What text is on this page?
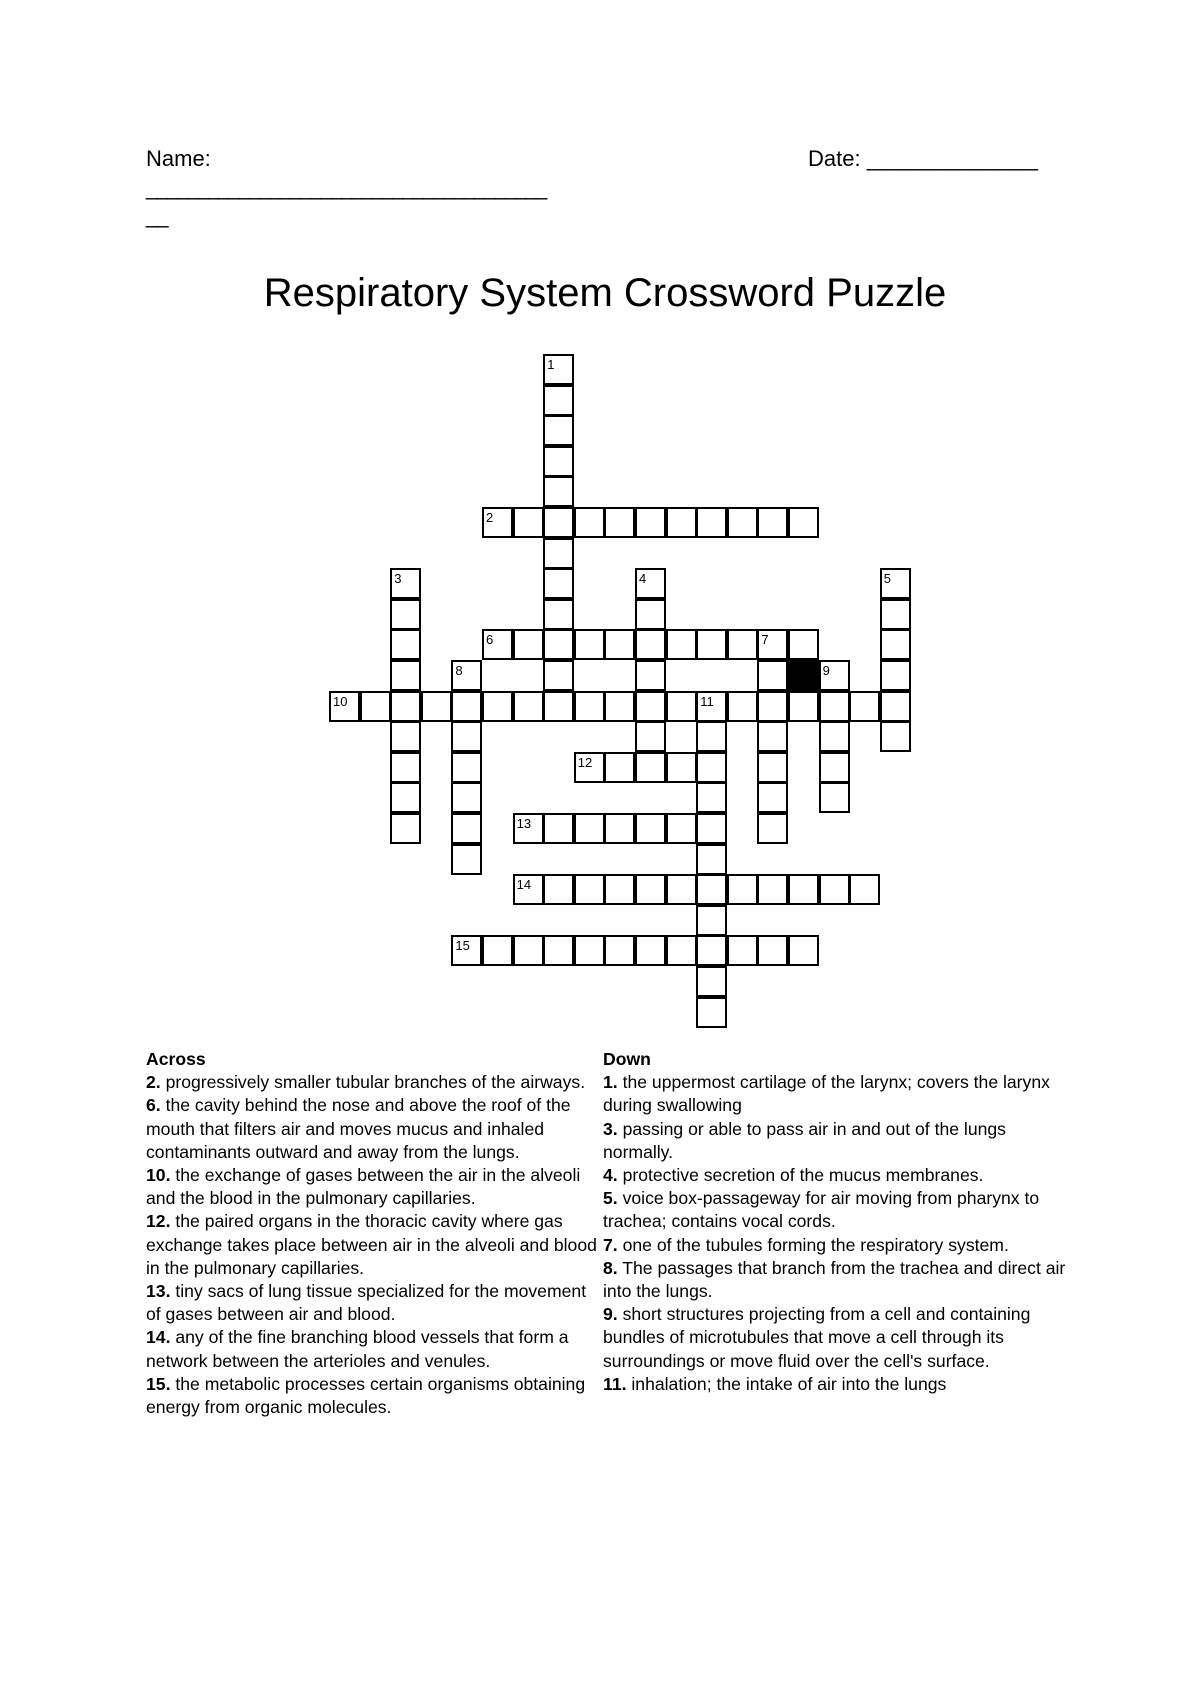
Name:
_______________________________________
__
Date: ______________
Respiratory System Crossword Puzzle
1
2
3	4	5
6	7
8	9
10	11
12
13
14
15
Across
2. progressively smaller tubular branches of the airways.
6. the cavity behind the nose and above the roof of the mouth that filters air and moves mucus and inhaled contaminants outward and away from the lungs.
10. the exchange of gases between the air in the alveoli and the blood in the pulmonary capillaries.
12. the paired organs in the thoracic cavity where gas exchange takes place between air in the alveoli and blood in the pulmonary capillaries.
13. tiny sacs of lung tissue specialized for the movement of gases between air and blood.
14. any of the fine branching blood vessels that form a network between the arterioles and venules.
15. the metabolic processes certain organisms obtaining energy from organic molecules.
Down
1. the uppermost cartilage of the larynx; covers the larynx during swallowing
3. passing or able to pass air in and out of the lungs normally.
4. protective secretion of the mucus membranes.
5. voice box-passageway for air moving from pharynx to trachea; contains vocal cords.
7. one of the tubules forming the respiratory system.
8. The passages that branch from the trachea and direct air into the lungs.
9. short structures projecting from a cell and containing bundles of microtubules that move a cell through its surroundings or move fluid over the cell's surface.
11. inhalation; the intake of air into the lungs
